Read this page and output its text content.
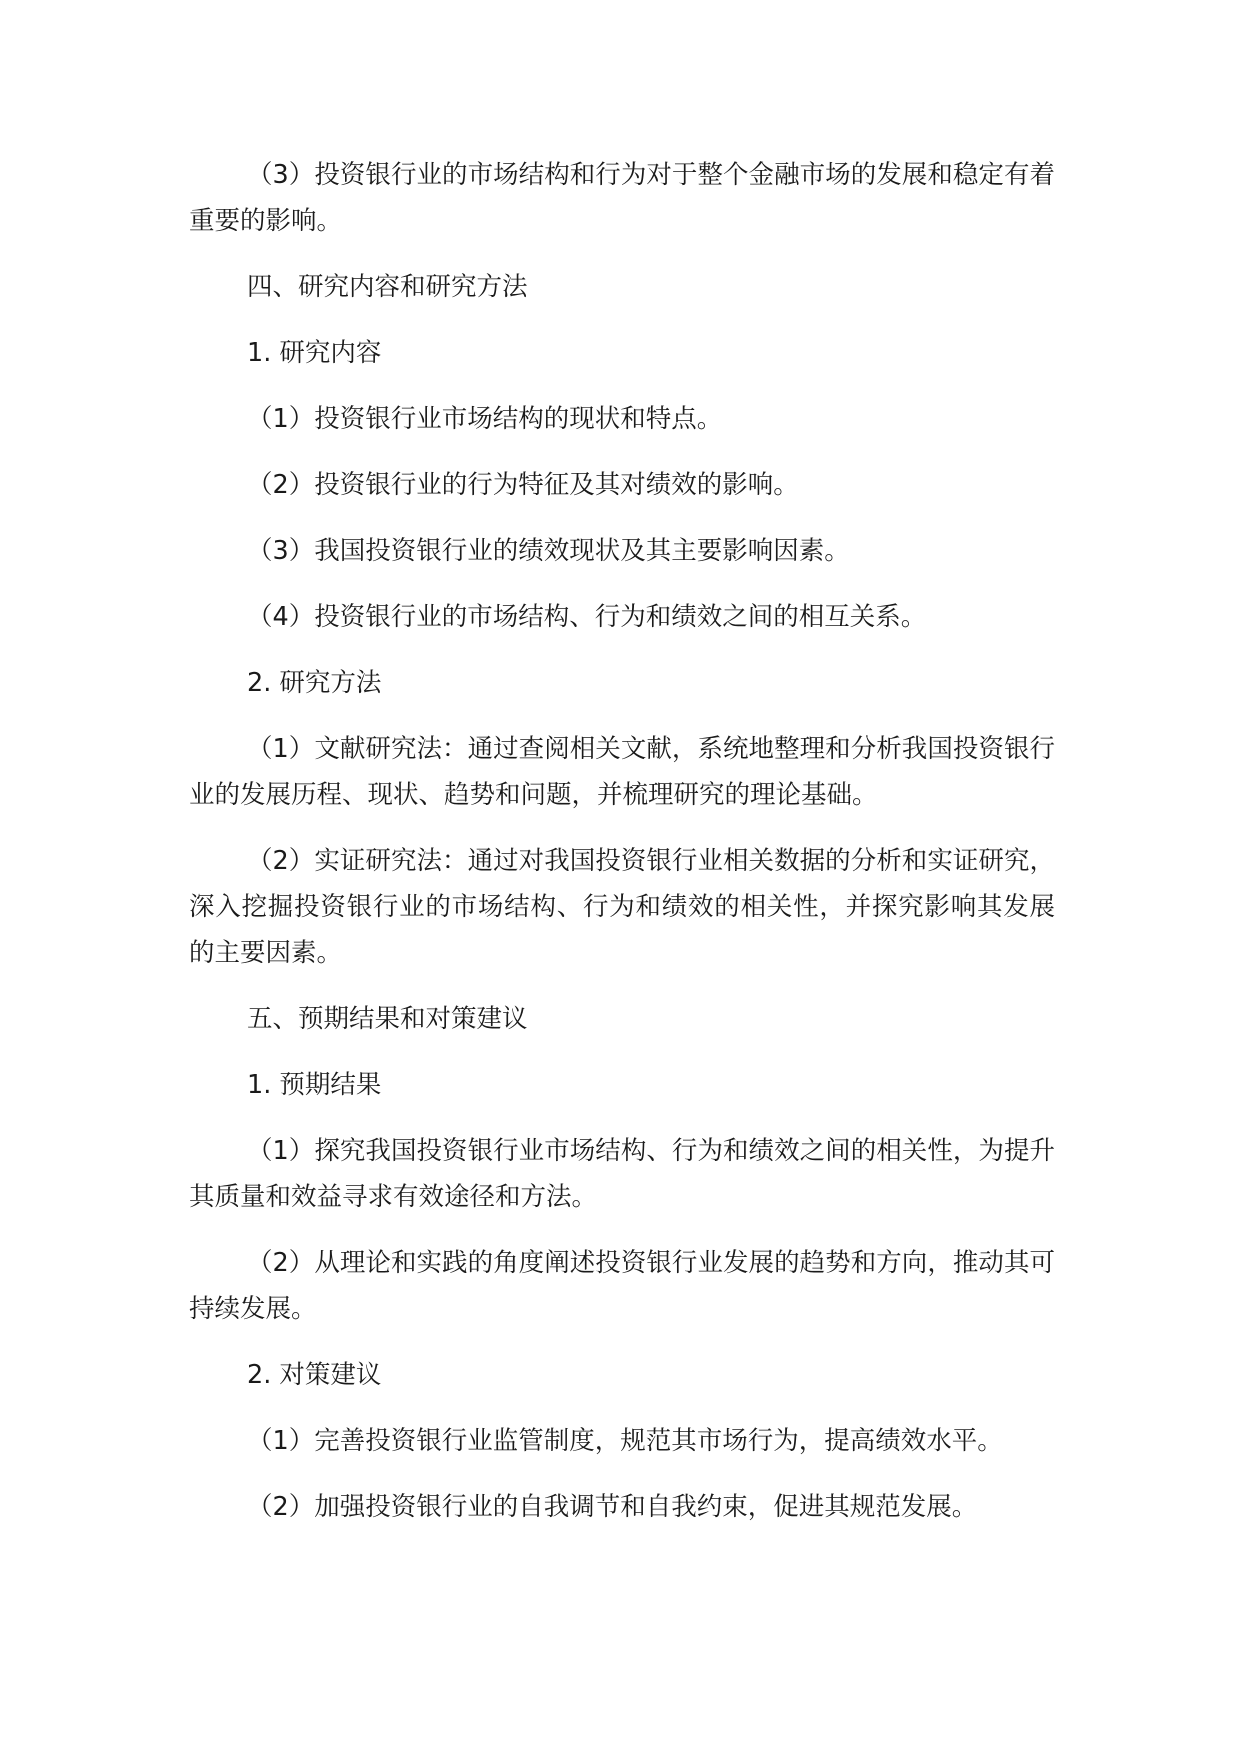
（3）投资银行业的市场结构和行为对于整个金融市场的发展和稳定有着重要的影响。

四、研究内容和研究方法

1. 研究内容

（1）投资银行业市场结构的现状和特点。

（2）投资银行业的行为特征及其对绩效的影响。

（3）我国投资银行业的绩效现状及其主要影响因素。

（4）投资银行业的市场结构、行为和绩效之间的相互关系。

2. 研究方法

（1）文献研究法：通过查阅相关文献，系统地整理和分析我国投资银行业的发展历程、现状、趋势和问题，并梳理研究的理论基础。

（2）实证研究法：通过对我国投资银行业相关数据的分析和实证研究，深入挖掘投资银行业的市场结构、行为和绩效的相关性，并探究影响其发展的主要因素。

五、预期结果和对策建议

1. 预期结果

（1）探究我国投资银行业市场结构、行为和绩效之间的相关性，为提升其质量和效益寻求有效途径和方法。

（2）从理论和实践的角度阐述投资银行业发展的趋势和方向，推动其可持续发展。

2. 对策建议

（1）完善投资银行业监管制度，规范其市场行为，提高绩效水平。

（2）加强投资银行业的自我调节和自我约束，促进其规范发展。
